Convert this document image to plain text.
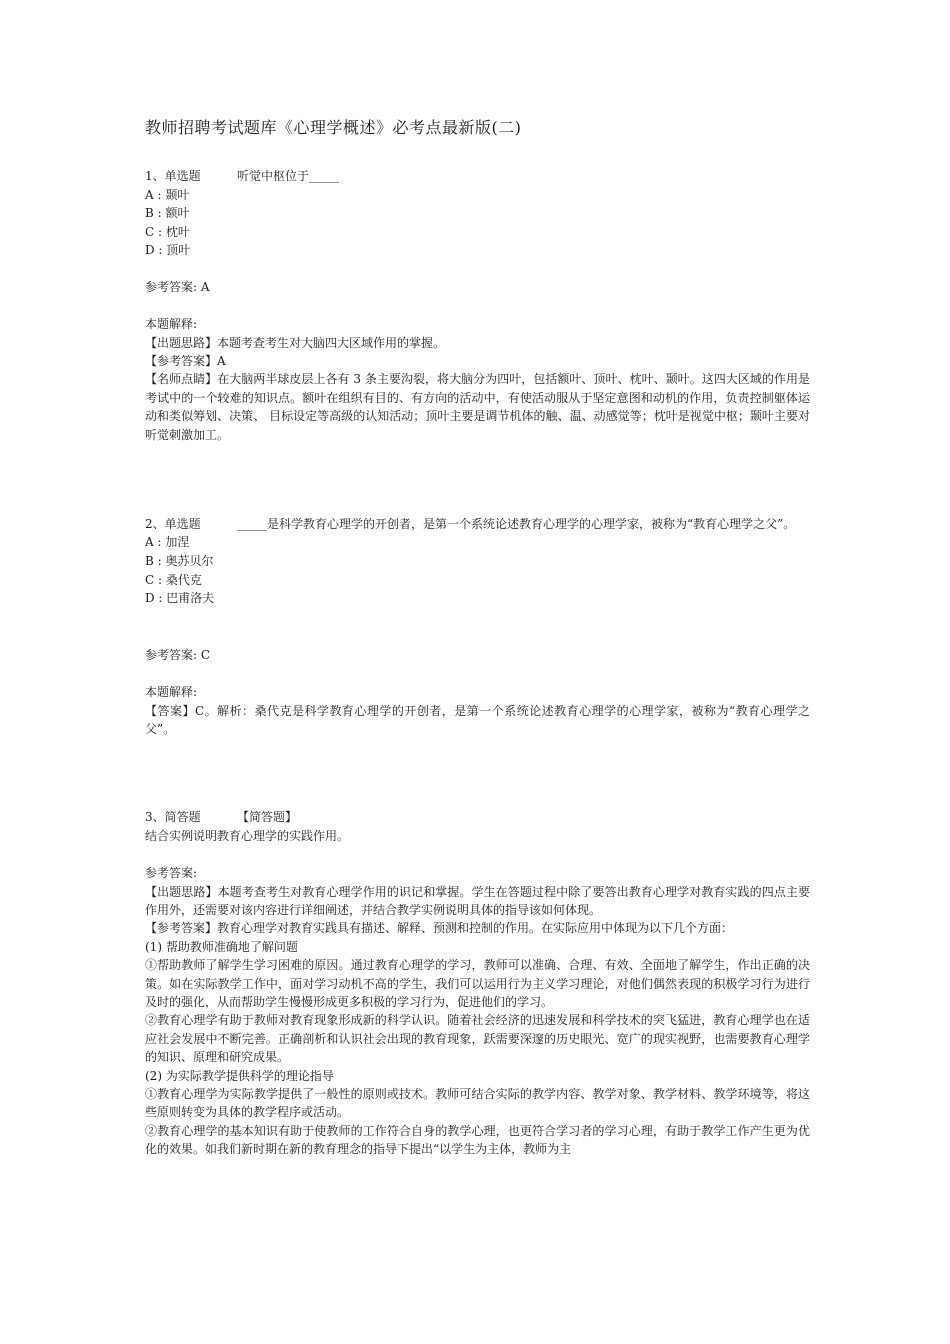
教师招聘考试题库《心理学概述》必考点最新版(二)
1、单选题	听觉中枢位于_____
A : 颞叶
B : 额叶
C : 枕叶
D : 顶叶
参考答案: A
本题解释:
【出题思路】本题考查考生对大脑四大区域作用的掌握。
【参考答案】A
【名师点睛】在大脑两半球皮层上各有 3 条主要沟裂，将大脑分为四叶，包括额叶、顶叶、枕叶、颞叶。这四大区域的作用是考试中的一个较难的知识点。额叶在组织有目的、有方向的活动中，有使活动服从于坚定意图和动机的作用，负责控制躯体运动和类似筹划、决策、 目标设定等高级的认知活动；顶叶主要是调节机体的触、温、动感觉等；枕叶是视觉中枢；颞叶主要对听觉刺激加工。
2、单选题	_____是科学教育心理学的开创者，是第一个系统论述教育心理学的心理学家，被称为“教育心理学之父”。
A : 加涅
B : 奥苏贝尔
C : 桑代克
D : 巴甫洛夫
参考答案: C
本题解释:
【答案】C。解析：桑代克是科学教育心理学的开创者，是第一个系统论述教育心理学的心理学家，被称为“教育心理学之父”。
3、简答题	【简答题】
结合实例说明教育心理学的实践作用。
参考答案:
【出题思路】本题考查考生对教育心理学作用的识记和掌握。学生在答题过程中除了要答出教育心理学对教育实践的四点主要作用外，还需要对该内容进行详细阐述，并结合教学实例说明具体的指导该如何体现。
【参考答案】教育心理学对教育实践具有描述、解释、预测和控制的作用。在实际应用中体现为以下几个方面：
(1) 帮助教师准确地了解问题
①帮助教师了解学生学习困难的原因。通过教育心理学的学习，教师可以准确、合理、有效、全面地了解学生，作出正确的决策。如在实际教学工作中，面对学习动机不高的学生，我们可以运用行为主义学习理论，对他们偶然表现的积极学习行为进行及时的强化，从而帮助学生慢慢形成更多积极的学习行为，促进他们的学习。
②教育心理学有助于教师对教育现象形成新的科学认识。随着社会经济的迅速发展和科学技术的突飞猛进，教育心理学也在适应社会发展中不断完善。正确剖析和认识社会出现的教育现象，跃需要深邃的历史眼光、宽广的现实视野，也需要教育心理学的知识、原理和研究成果。
(2) 为实际教学提供科学的理论指导
①教育心理学为实际教学提供了一般性的原则或技术。教师可结合实际的教学内容、教学对象、教学材料、教学环境等，将这些原则转变为具体的教学程序或活动。
②教育心理学的基本知识有助于使教师的工作符合自身的教学心理，也更符合学习者的学习心理，有助于教学工作产生更为优化的效果。如我们新时期在新的教育理念的指导下提出“以学生为主体，教师为主
